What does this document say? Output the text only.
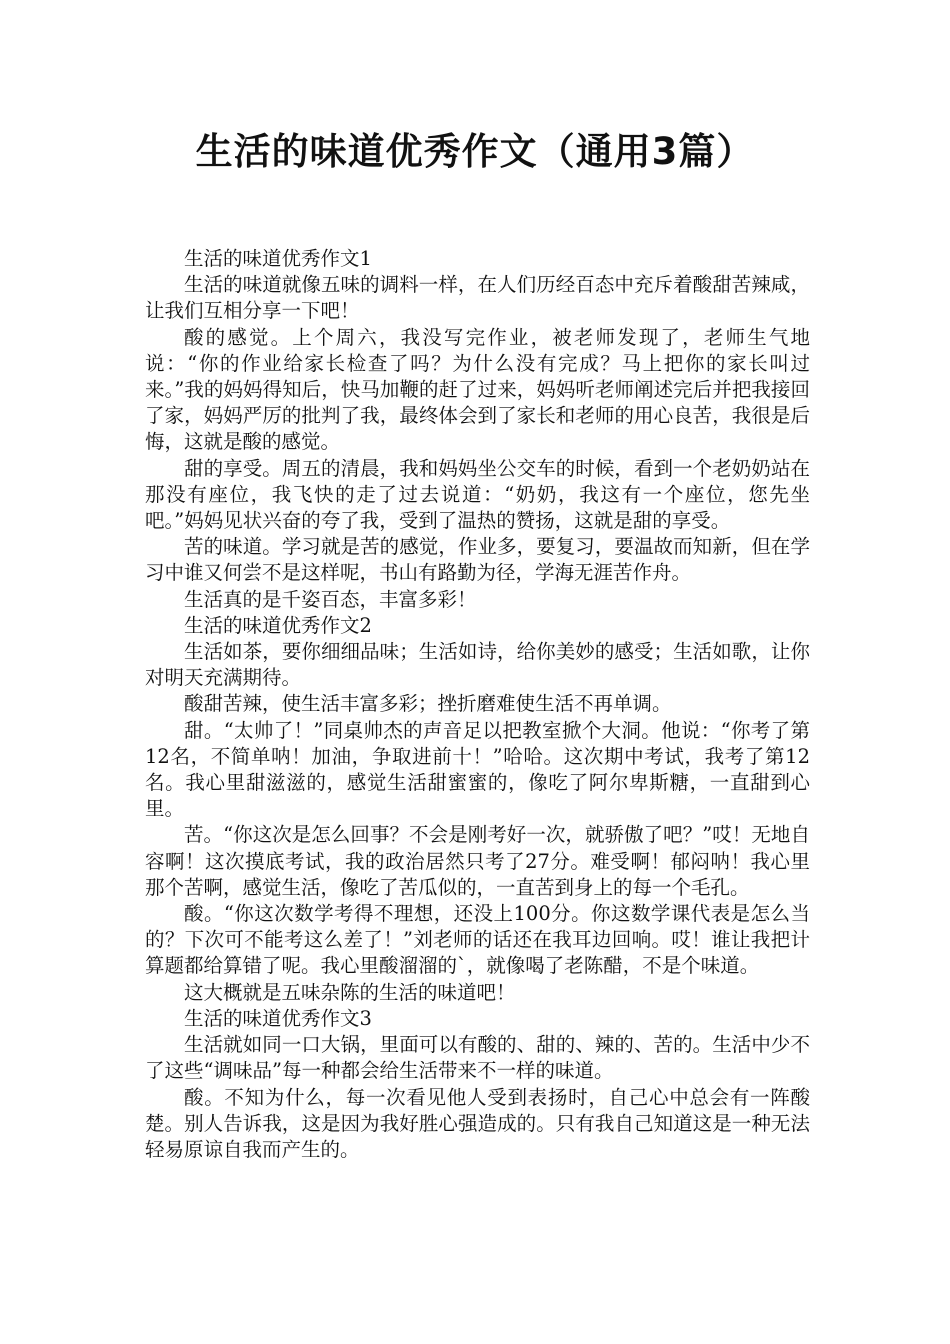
生活的味道优秀作文（通用3篇）

生活的味道优秀作文1

生活的味道就像五味的调料一样，在人们历经百态中充斥着酸甜苦辣咸，让我们互相分享一下吧！

酸的感觉。上个周六，我没写完作业，被老师发现了，老师生气地说：“你的作业给家长检查了吗？为什么没有完成？马上把你的家长叫过来。”我的妈妈得知后，快马加鞭的赶了过来，妈妈听老师阐述完后并把我接回了家，妈妈严厉的批判了我，最终体会到了家长和老师的用心良苦，我很是后悔，这就是酸的感觉。

甜的享受。周五的清晨，我和妈妈坐公交车的时候，看到一个老奶奶站在那没有座位，我飞快的走了过去说道：“奶奶，我这有一个座位，您先坐吧。”妈妈见状兴奋的夸了我，受到了温热的赞扬，这就是甜的享受。

苦的味道。学习就是苦的感觉，作业多，要复习，要温故而知新，但在学习中谁又何尝不是这样呢，书山有路勤为径，学海无涯苦作舟。

生活真的是千姿百态，丰富多彩！

生活的味道优秀作文2

生活如茶，要你细细品味；生活如诗，给你美妙的感受；生活如歌，让你对明天充满期待。

酸甜苦辣，使生活丰富多彩；挫折磨难使生活不再单调。

甜。“太帅了！”同桌帅杰的声音足以把教室掀个大洞。他说：“你考了第12名，不简单呐！加油，争取进前十！”哈哈。这次期中考试，我考了第12名。我心里甜滋滋的，感觉生活甜蜜蜜的，像吃了阿尔卑斯糖，一直甜到心里。

苦。“你这次是怎么回事？不会是刚考好一次，就骄傲了吧？”哎！无地自容啊！这次摸底考试，我的政治居然只考了27分。难受啊！郁闷呐！我心里那个苦啊，感觉生活，像吃了苦瓜似的，一直苦到身上的每一个毛孔。

酸。“你这次数学考得不理想，还没上100分。你这数学课代表是怎么当的？下次可不能考这么差了！”刘老师的话还在我耳边回响。哎！谁让我把计算题都给算错了呢。我心里酸溜溜的`，就像喝了老陈醋，不是个味道。

这大概就是五味杂陈的生活的味道吧！

生活的味道优秀作文3

生活就如同一口大锅，里面可以有酸的、甜的、辣的、苦的。生活中少不了这些“调味品”每一种都会给生活带来不一样的味道。

酸。不知为什么，每一次看见他人受到表扬时，自己心中总会有一阵酸楚。别人告诉我，这是因为我好胜心强造成的。只有我自己知道这是一种无法轻易原谅自我而产生的。
